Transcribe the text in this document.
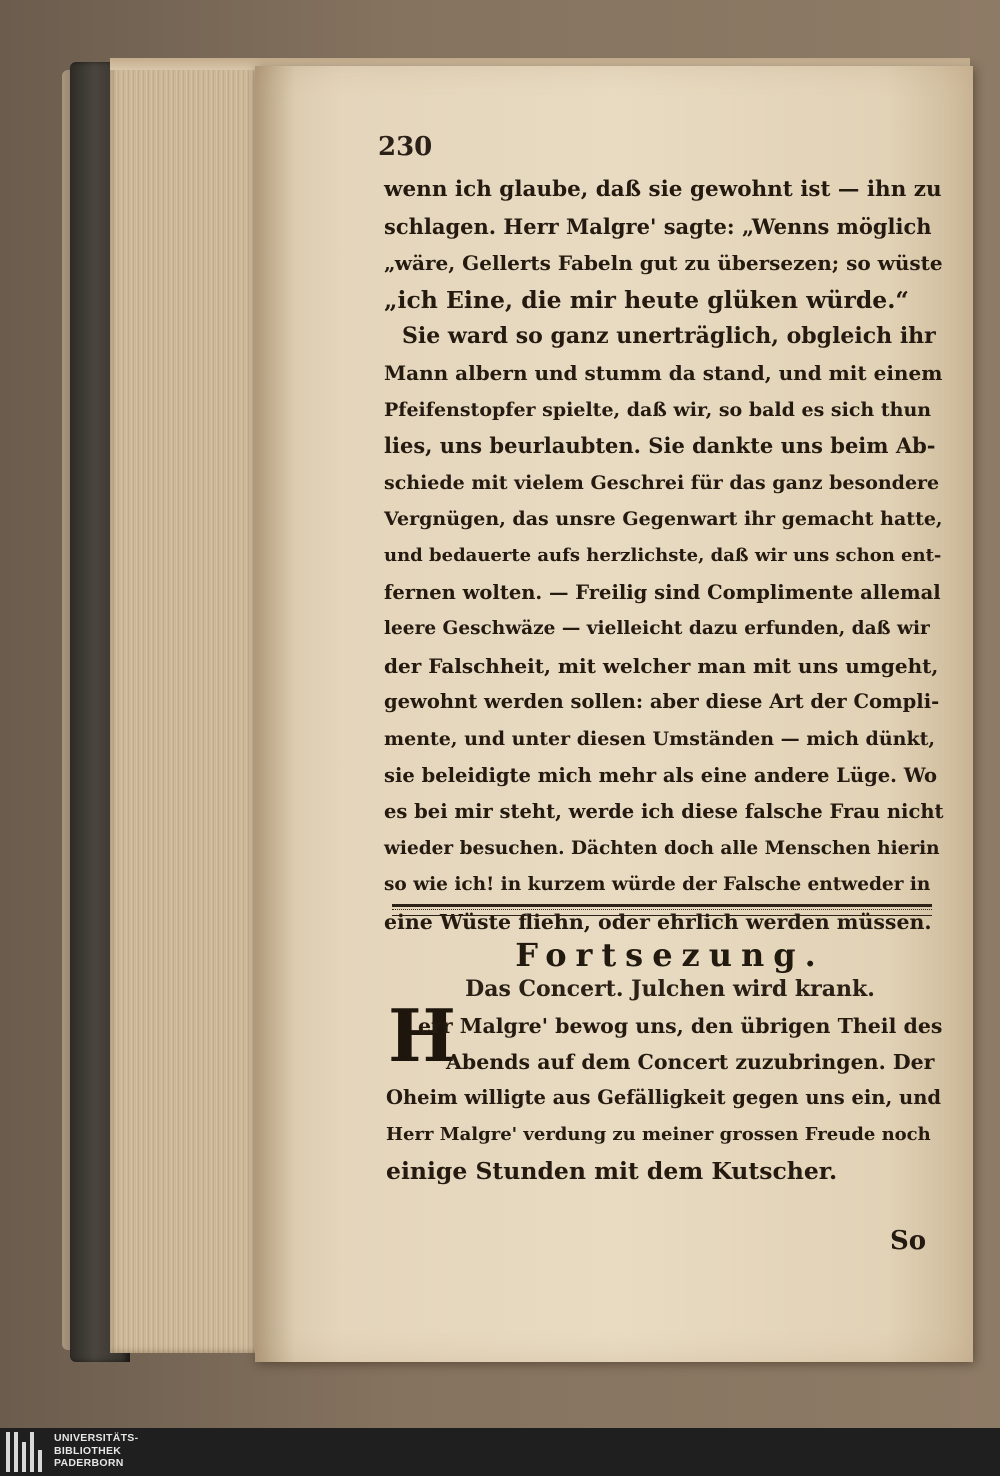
230
wenn ich glaube, daß sie gewohnt ist — ihn zu
schlagen. Herr Malgre' sagte: „Wenns möglich
„wäre, Gellerts Fabeln gut zu übersezen; so wüste
„ich Eine, die mir heute glüken würde.“
Sie ward so ganz unerträglich, obgleich ihr
Mann albern und stumm da stand, und mit einem
Pfeifenstopfer spielte, daß wir, so bald es sich thun
lies, uns beurlaubten. Sie dankte uns beim Ab-
schiede mit vielem Geschrei für das ganz besondere
Vergnügen, das unsre Gegenwart ihr gemacht hatte,
und bedauerte aufs herzlichste, daß wir uns schon ent-
fernen wolten. — Freilig sind Complimente allemal
leere Geschwäze — vielleicht dazu erfunden, daß wir
der Falschheit, mit welcher man mit uns umgeht,
gewohnt werden sollen: aber diese Art der Compli-
mente, und unter diesen Umständen — mich dünkt,
sie beleidigte mich mehr als eine andere Lüge. Wo
es bei mir steht, werde ich diese falsche Frau nicht
wieder besuchen. Dächten doch alle Menschen hierin
so wie ich! in kurzem würde der Falsche entweder in
eine Wüste fliehn, oder ehrlich werden müssen.
Fortsezung.
Das Concert. Julchen wird krank.
H
err Malgre' bewog uns, den übrigen Theil des
Abends auf dem Concert zuzubringen. Der
Oheim willigte aus Gefälligkeit gegen uns ein, und
Herr Malgre' verdung zu meiner grossen Freude noch
einige Stunden mit dem Kutscher.
So
UNIVERSITÄTS-
BIBLIOTHEK
PADERBORN
